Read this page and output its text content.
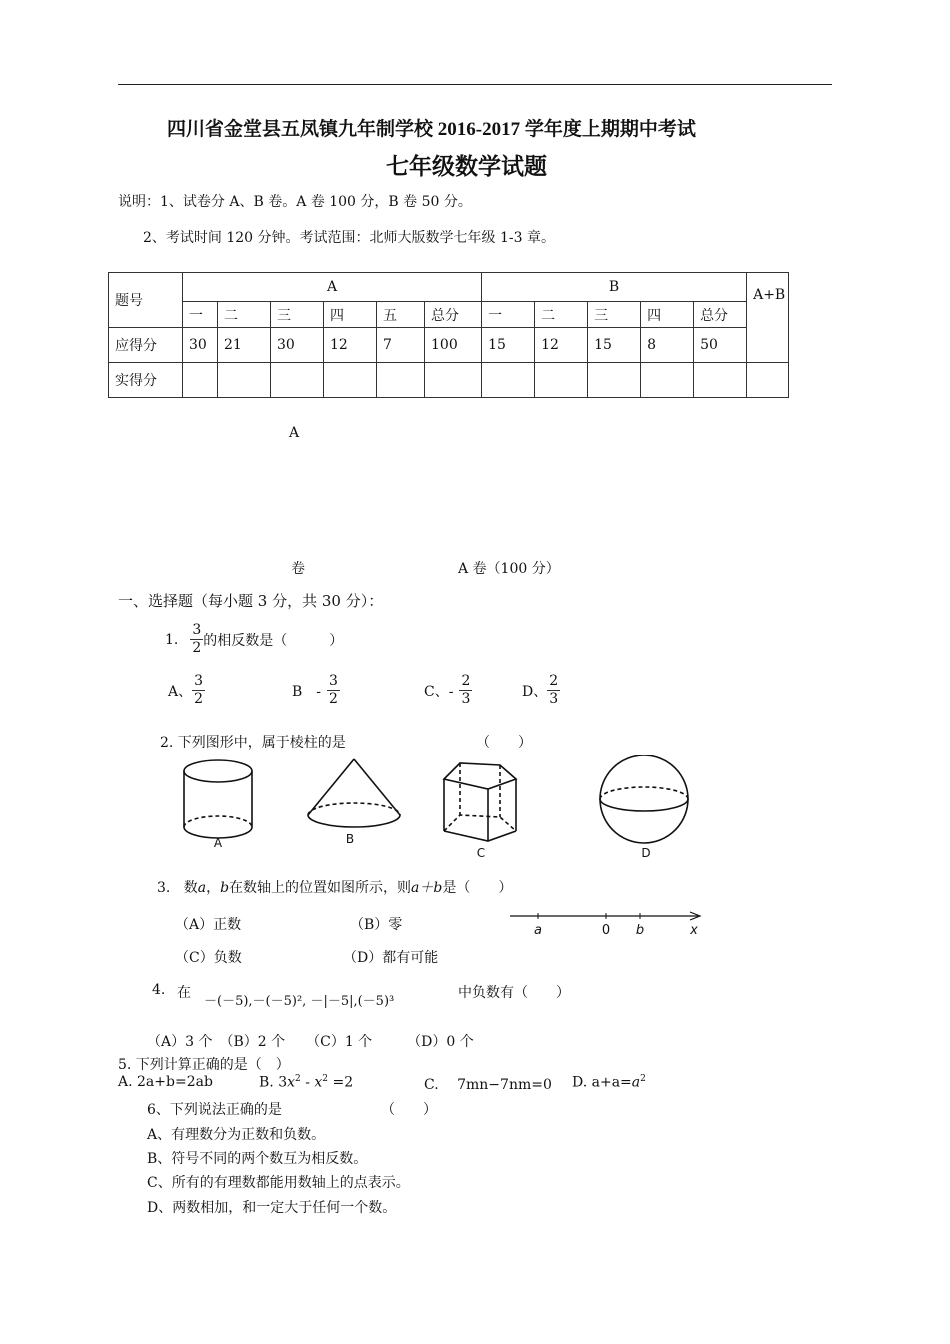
四川省金堂县五凤镇九年制学校 2016-2017 学年度上期期中考试
七年级数学试题
说明：1、试卷分 A、B 卷。A 卷 100 分，B 卷 50 分。
2、考试时间 120 分钟。考试范围：北师大版数学七年级 1-3 章。
题号	A						B					A+B
	一	二	三	四	五	总分	一	二	三	四	总分	
应得分	30	21	30	12	7	100	15	12	15	8	50	
实得分												
A
卷	A 卷（100 分）
一、选择题（每小题 3 分，共 30 分）：
1. $\frac{3}{2}$ 的相反数是（　　　）
A、 $\frac{3}{2}$	B　- $\frac{3}{2}$	C、- $\frac{2}{3}$	D、 $\frac{2}{3}$
2. 下列图形中，属于棱柱的是	（　　）
A	B
C	D
3. 数a，b在数轴上的位置如图所示，则a＋b是（　　）
（A）正数	（B）零
（C）负数	（D）都有可能
a	0 b	x
4. 在
－(－5),－(－5)², －|－5|,(－5)³
中负数有（　　）
（A）3 个　（B）2 个　　（C）1 个　　　（D）0 个
5. 下列计算正确的是（　）
A. 2a+b=2ab	B. $3x^2 - x^2 =2$	C.　 7mn−7nm=0 D. $a+a=a^2$
6、下列说法正确的是	（　　）
A、有理数分为正数和负数。
B、符号不同的两个数互为相反数。
C、所有的有理数都能用数轴上的点表示。
D、两数相加，和一定大于任何一个数。
